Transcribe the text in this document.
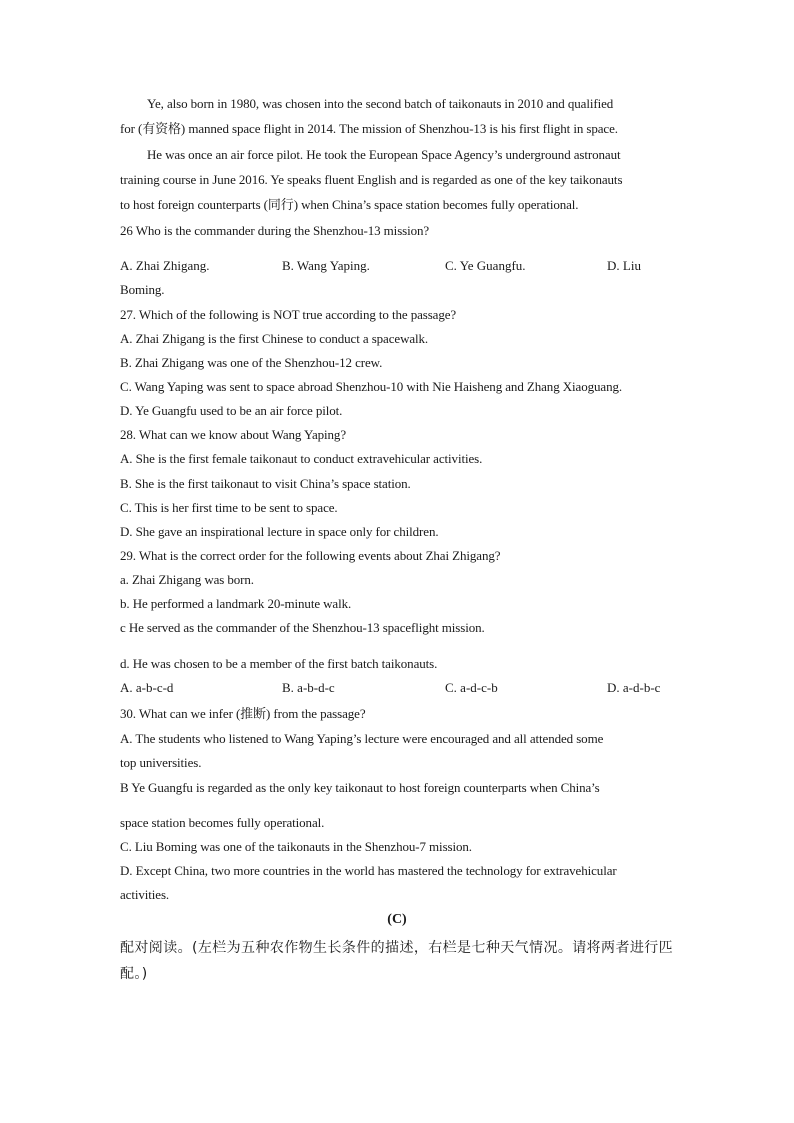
Ye, also born in 1980, was chosen into the second batch of taikonauts in 2010 and qualified
for (有资格) manned space flight in 2014. The mission of Shenzhou-13 is his first flight in space.
He was once an air force pilot. He took the European Space Agency’s underground astronaut
training course in June 2016. Ye speaks fluent English and is regarded as one of the key taikonauts
to host foreign counterparts (同行) when China’s space station becomes fully operational.
26 Who is the commander during the Shenzhou-13 mission?
A. Zhai Zhigang.	B. Wang Yaping.	C. Ye Guangfu.	D. Liu
Boming.
27. Which of the following is NOT true according to the passage?
A. Zhai Zhigang is the first Chinese to conduct a spacewalk.
B. Zhai Zhigang was one of the Shenzhou-12 crew.
C. Wang Yaping was sent to space abroad Shenzhou-10 with Nie Haisheng and Zhang Xiaoguang.
D. Ye Guangfu used to be an air force pilot.
28. What can we know about Wang Yaping?
A. She is the first female taikonaut to conduct extravehicular activities.
B. She is the first taikonaut to visit China’s space station.
C. This is her first time to be sent to space.
D. She gave an inspirational lecture in space only for children.
29. What is the correct order for the following events about Zhai Zhigang?
a. Zhai Zhigang was born.
b. He performed a landmark 20-minute walk.
c He served as the commander of the Shenzhou-13 spaceflight mission.
d. He was chosen to be a member of the first batch taikonauts.
A. a-b-c-d	B. a-b-d-c	C. a-d-c-b	D. a-d-b-c
30. What can we infer (推断) from the passage?
A. The students who listened to Wang Yaping’s lecture were encouraged and all attended some
top universities.
B Ye Guangfu is regarded as the only key taikonaut to host foreign counterparts when China’s
space station becomes fully operational.
C. Liu Boming was one of the taikonauts in the Shenzhou-7 mission.
D. Except China, two more countries in the world has mastered the technology for extravehicular
activities.
(C)
配对阅读。(左栏为五种农作物生长条件的描述，右栏是七种天气情况。请将两者进行匹
配。)
